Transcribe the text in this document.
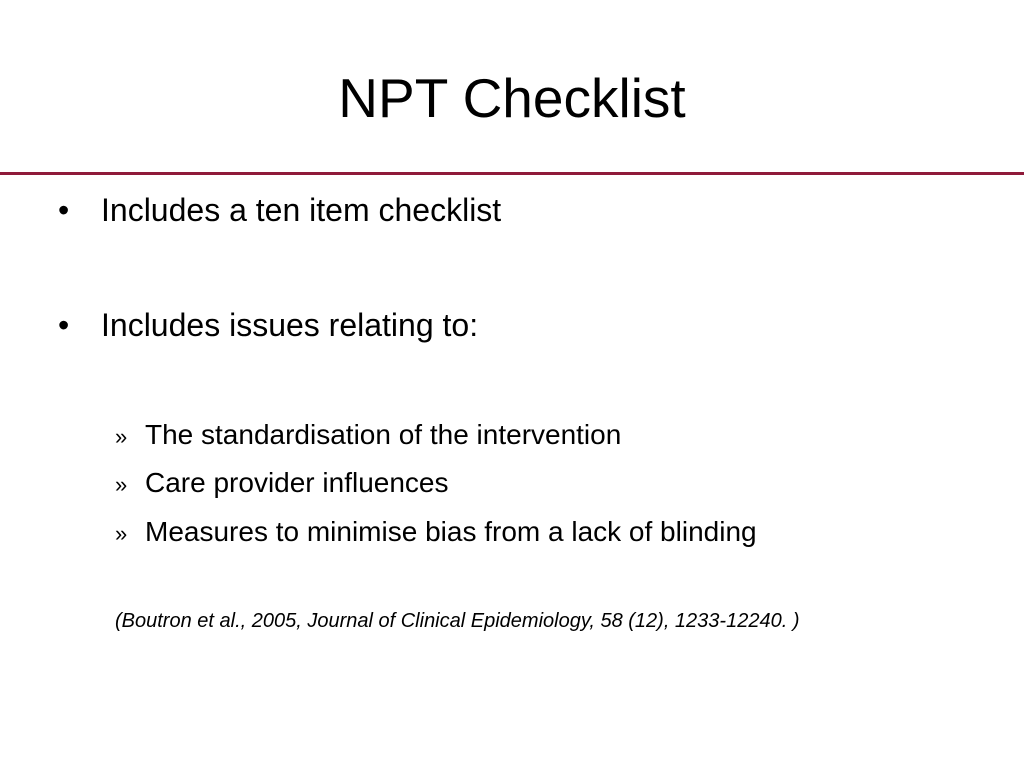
NPT Checklist
• Includes a ten item checklist
• Includes issues relating to:
» The standardisation of the intervention
» Care provider influences
» Measures to minimise bias from a lack of blinding
(Boutron et al., 2005, Journal of Clinical Epidemiology, 58 (12), 1233-12240. )
